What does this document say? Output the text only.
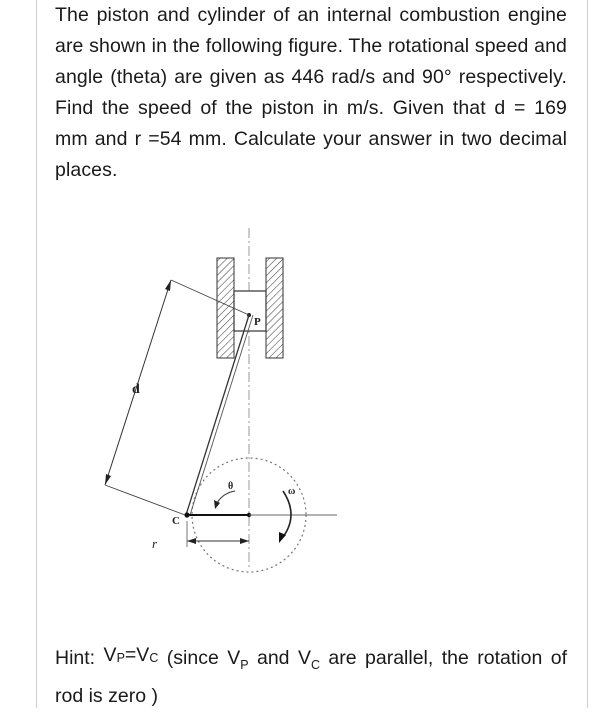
The piston and cylinder of an internal combustion engine are shown in the following figure. The rotational speed and angle (theta) are given as 446 rad/s and 90° respectively. Find the speed of the piston in m/s. Given that d = 169 mm and r =54 mm. Calculate your answer in two decimal places.

P
d
θ	ω
C
r

Hint: $V_P=V_C$ (since $V_P$ and $V_C$ are parallel, the rotation of rod is zero )
